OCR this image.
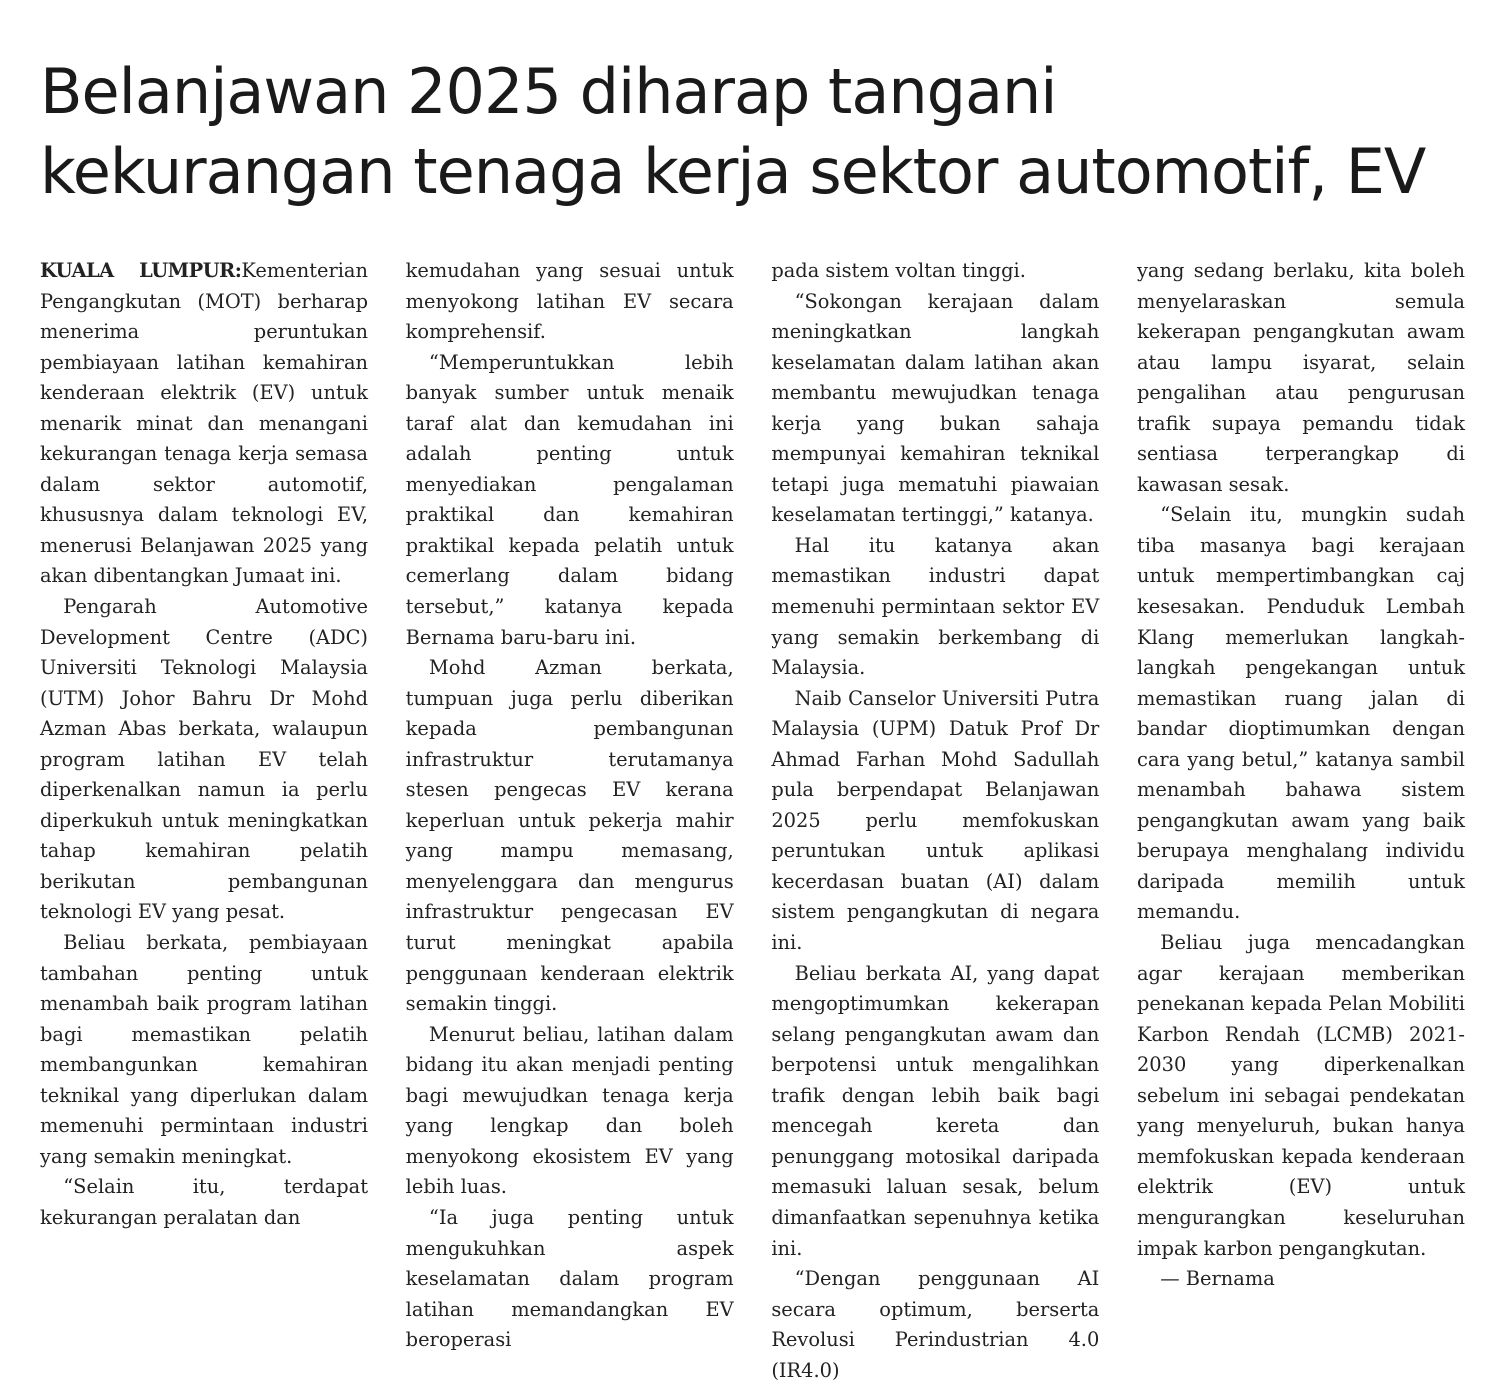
Belanjawan 2025 diharap tangani
kekurangan tenaga kerja sektor automotif, EV

KUALA LUMPUR:Kementerian Pengangkutan (MOT) berharap menerima peruntukan pembiayaan latihan kemahiran kenderaan elektrik (EV) untuk menarik minat dan menangani kekurangan tenaga kerja semasa dalam sektor automotif, khususnya dalam teknologi EV, menerusi Belanjawan 2025 yang akan dibentangkan Jumaat ini.

Pengarah Automotive Development Centre (ADC) Universiti Teknologi Malaysia (UTM) Johor Bahru Dr Mohd Azman Abas berkata, walaupun program latihan EV telah diperkenalkan namun ia perlu diperkukuh untuk meningkatkan tahap kemahiran pelatih berikutan pembangunan teknologi EV yang pesat.

Beliau berkata, pembiayaan tambahan penting untuk menambah baik program latihan bagi memastikan pelatih membangunkan kemahiran teknikal yang diperlukan dalam memenuhi permintaan industri yang semakin meningkat.

“Selain itu, terdapat kekurangan peralatan dan

kemudahan yang sesuai untuk menyokong latihan EV secara komprehensif.

“Memperuntukkan lebih banyak sumber untuk menaik taraf alat dan kemudahan ini adalah penting untuk menyediakan pengalaman praktikal dan kemahiran praktikal kepada pelatih untuk cemerlang dalam bidang tersebut,” katanya kepada Bernama baru-baru ini.

Mohd Azman berkata, tumpuan juga perlu diberikan kepada pembangunan infrastruktur terutamanya stesen pengecas EV kerana keperluan untuk pekerja mahir yang mampu memasang, menyelenggara dan mengurus infrastruktur pengecasan EV turut meningkat apabila penggunaan kenderaan elektrik semakin tinggi.

Menurut beliau, latihan dalam bidang itu akan menjadi penting bagi mewujudkan tenaga kerja yang lengkap dan boleh menyokong ekosistem EV yang lebih luas.

“Ia juga penting untuk mengukuhkan aspek keselamatan dalam program latihan memandangkan EV beroperasi

pada sistem voltan tinggi.

“Sokongan kerajaan dalam meningkatkan langkah keselamatan dalam latihan akan membantu mewujudkan tenaga kerja yang bukan sahaja mempunyai kemahiran teknikal tetapi juga mematuhi piawaian keselamatan tertinggi,” katanya.

Hal itu katanya akan memastikan industri dapat memenuhi permintaan sektor EV yang semakin berkembang di Malaysia.

Naib Canselor Universiti Putra Malaysia (UPM) Datuk Prof Dr Ahmad Farhan Mohd Sadullah pula berpendapat Belanjawan 2025 perlu memfokuskan peruntukan untuk aplikasi kecerdasan buatan (AI) dalam sistem pengangkutan di negara ini.

Beliau berkata AI, yang dapat mengoptimumkan kekerapan selang pengangkutan awam dan berpotensi untuk mengalihkan trafik dengan lebih baik bagi mencegah kereta dan penunggang motosikal daripada memasuki laluan sesak, belum dimanfaatkan sepenuhnya ketika ini.

“Dengan penggunaan AI secara optimum, berserta Revolusi Perindustrian 4.0 (IR4.0)

yang sedang berlaku, kita boleh menyelaraskan semula kekerapan pengangkutan awam atau lampu isyarat, selain pengalihan atau pengurusan trafik supaya pemandu tidak sentiasa terperangkap di kawasan sesak.

“Selain itu, mungkin sudah tiba masanya bagi kerajaan untuk mempertimbangkan caj kesesakan. Penduduk Lembah Klang memerlukan langkah-langkah pengekangan untuk memastikan ruang jalan di bandar dioptimumkan dengan cara yang betul,” katanya sambil menambah bahawa sistem pengangkutan awam yang baik berupaya menghalang individu daripada memilih untuk memandu.

Beliau juga mencadangkan agar kerajaan memberikan penekanan kepada Pelan Mobiliti Karbon Rendah (LCMB) 2021-2030 yang diperkenalkan sebelum ini sebagai pendekatan yang menyeluruh, bukan hanya memfokuskan kepada kenderaan elektrik (EV) untuk mengurangkan keseluruhan impak karbon pengangkutan.

— Bernama
